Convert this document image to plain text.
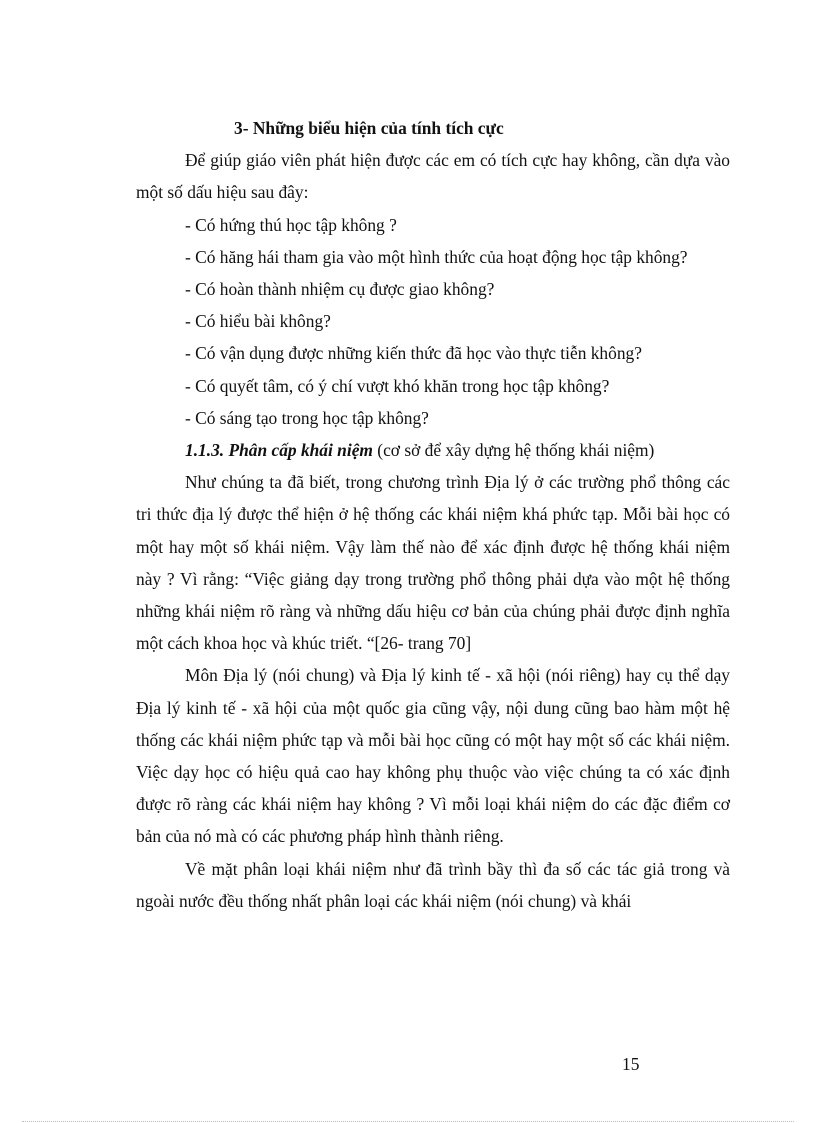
3- Những biểu hiện của tính tích cực

Để giúp giáo viên phát hiện được các em có tích cực hay không, cần dựa vào một số dấu hiệu sau đây:

- Có hứng thú học tập không ?

- Có hăng hái tham gia vào một hình thức của hoạt động học tập không?

- Có hoàn thành nhiệm cụ được giao không?

- Có hiểu bài không?

- Có vận dụng được những kiến thức đã học vào thực tiễn không?

- Có quyết tâm, có ý chí vượt khó khăn trong học tập không?

- Có sáng tạo trong học tập không?

1.1.3. Phân cấp khái niệm (cơ sở để xây dựng hệ thống khái niệm)

Như chúng ta đã biết, trong chương trình Địa lý ở các trường phổ thông các tri thức địa lý được thể hiện ở hệ thống các khái niệm khá phức tạp. Mỗi bài học có một hay một số khái niệm. Vậy làm thế nào để xác định được hệ thống khái niệm này ? Vì rằng: “Việc giảng dạy trong trường phổ thông phải dựa vào một hệ thống những khái niệm rõ ràng và những dấu hiệu cơ bản của chúng phải được định nghĩa một cách khoa học và khúc triết. “[26- trang 70]

Môn Địa lý (nói chung) và Địa lý kinh tế - xã hội (nói riêng) hay cụ thể dạy Địa lý kinh tế - xã hội của một quốc gia cũng vậy, nội dung cũng bao hàm một hệ thống các khái niệm phức tạp và mỗi bài học cũng có một hay một số các khái niệm. Việc dạy học có hiệu quả cao hay không phụ thuộc vào việc chúng ta có xác định được rõ ràng các khái niệm hay không ? Vì mỗi loại khái niệm do các đặc điểm cơ bản của nó mà có các phương pháp hình thành riêng.

Về mặt phân loại khái niệm như đã trình bầy thì đa số các tác giả trong và ngoài nước đều thống nhất phân loại các khái niệm (nói chung) và khái

15
